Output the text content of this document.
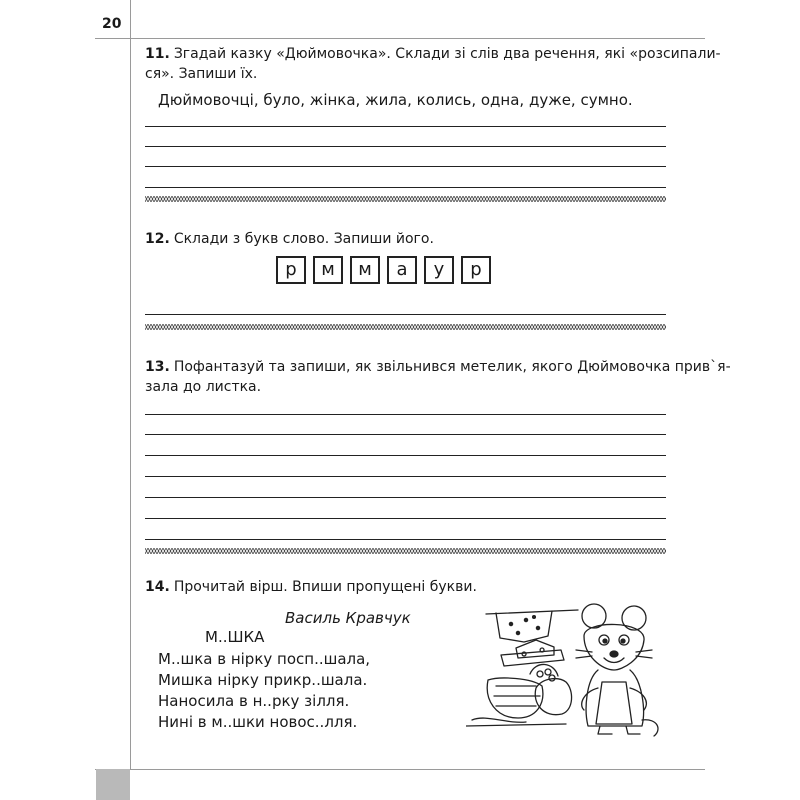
20
11. Згадай казку «Дюймовочка». Склади зі слів два речення, які «розсипали-
ся». Запиши їх.
Дюймовочці, було, жінка, жила, колись, одна, дуже, сумно.
12. Склади з букв слово. Запиши його.
р	м	м	а	у	р
13. Пофантазуй та запиши, як звільнився метелик, якого Дюймовочка прив`я-
зала до листка.
14. Прочитай вірш. Впиши пропущені букви.
Василь Кравчук
М..ШКА
М..шка в нірку посп..шала,
Мишка нірку прикр..шала.
Наносила в н..рку зілля.
Нині в м..шки новос..лля.
